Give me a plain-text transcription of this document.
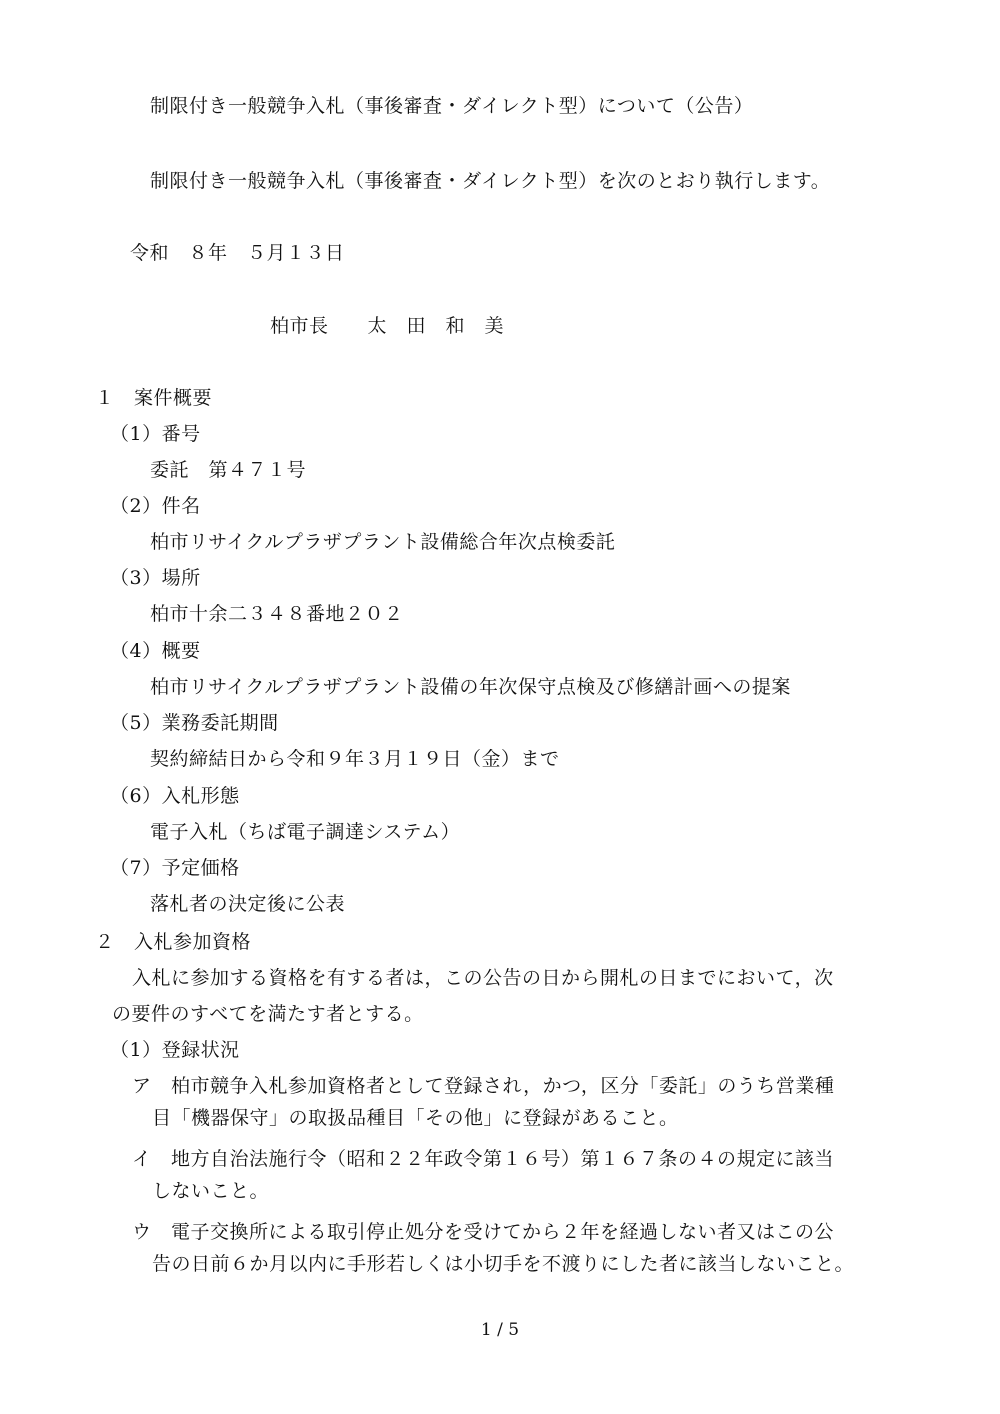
制限付き一般競争入札（事後審査・ダイレクト型）について（公告）
制限付き一般競争入札（事後審査・ダイレクト型）を次のとおり執行します。
令和　８年　５月１３日
柏市長　　太　田　和　美
１　案件概要
（1）番号
委託　第４７１号
（2）件名
柏市リサイクルプラザプラント設備総合年次点検委託
（3）場所
柏市十余二３４８番地２０２
（4）概要
柏市リサイクルプラザプラント設備の年次保守点検及び修繕計画への提案
（5）業務委託期間
契約締結日から令和９年３月１９日（金）まで
（6）入札形態
電子入札（ちば電子調達システム）
（7）予定価格
落札者の決定後に公表
２　入札参加資格
入札に参加する資格を有する者は，この公告の日から開札の日までにおいて，次
の要件のすべてを満たす者とする。
（1）登録状況
ア　柏市競争入札参加資格者として登録され，かつ，区分「委託」のうち営業種
目「機器保守」の取扱品種目「その他」に登録があること。
イ　地方自治法施行令（昭和２２年政令第１６号）第１６７条の４の規定に該当
しないこと。
ウ　電子交換所による取引停止処分を受けてから２年を経過しない者又はこの公
告の日前６か月以内に手形若しくは小切手を不渡りにした者に該当しないこと。
1 / 5
